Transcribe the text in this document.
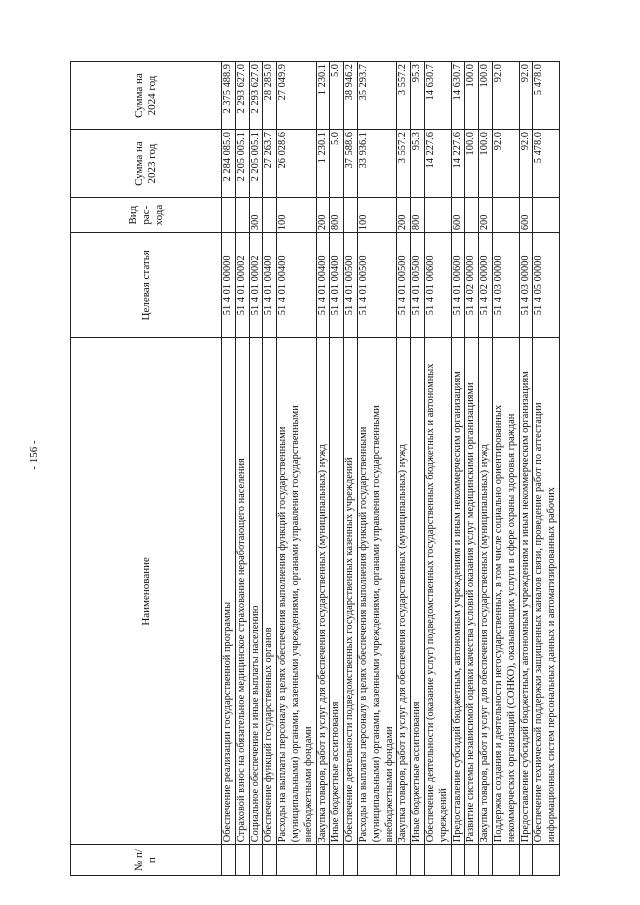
- 156 -
№ п/п	Наименование	Целевая статья	Вид рас-хода	Сумма на 2023 год	Сумма на 2024 год
	Обеспечение реализации государственной программы	51 4 01 00000		2 284 085.0	2 375 488.9
	Страховой взнос на обязательное медицинское страхование неработающего населения	51 4 01 00002		2 205 005.1	2 293 627.0
	Социальное обеспечение и иные выплаты населению	51 4 01 00002	300	2 205 005.1	2 293 627.0
	Обеспечение функций государственных органов	51 4 01 00400		27 263.7	28 285.0
	Расходы на выплаты персоналу в целях обеспечения выполнения функций государственными (муниципальными) органами, казенными учреждениями, органами управления государственными внебюджетными фондами	51 4 01 00400	100	26 028.6	27 049.9
	Закупка товаров, работ и услуг для обеспечения государственных (муниципальных) нужд	51 4 01 00400	200	1 230.1	1 230.1
	Иные бюджетные ассигнования	51 4 01 00400	800	5.0	5.0
	Обеспечение деятельности подведомственных государственных казенных учреждений	51 4 01 00500		37 588.6	38 946.2
	Расходы на выплаты персоналу в целях обеспечения выполнения функций государственными (муниципальными) органами, казенными учреждениями, органами управления государственными внебюджетными фондами	51 4 01 00500	100	33 936.1	35 293.7
	Закупка товаров, работ и услуг для обеспечения государственных (муниципальных) нужд	51 4 01 00500	200	3 557.2	3 557.2
	Иные бюджетные ассигнования	51 4 01 00500	800	95.3	95.3
	Обеспечение деятельности (оказание услуг) подведомственных государственных бюджетных и автономных учреждений	51 4 01 00600		14 227.6	14 630.7
	Предоставление субсидий бюджетным, автономным учреждениям и иным некоммерческим организациям	51 4 01 00600	600	14 227.6	14 630.7
	Развитие системы независимой оценки качества условий оказания услуг медицинскими организациями	51 4 02 00000		100.0	100.0
	Закупка товаров, работ и услуг для обеспечения государственных (муниципальных) нужд	51 4 02 00000	200	100.0	100.0
	Поддержка создания и деятельности негосударственных, в том числе социально ориентированных некоммерческих организаций (СОНКО), оказывающих услуги в сфере охраны здоровья граждан	51 4 03 00000		92.0	92.0
	Предоставление субсидий бюджетным, автономным учреждениям и иным некоммерческим организациям	51 4 03 00000	600	92.0	92.0
	Обеспечение технической поддержки защищенных каналов связи, проведение работ по аттестации информационных систем персональных данных и автоматизированных рабочих	51 4 05 00000		5 478.0	5 478.0
